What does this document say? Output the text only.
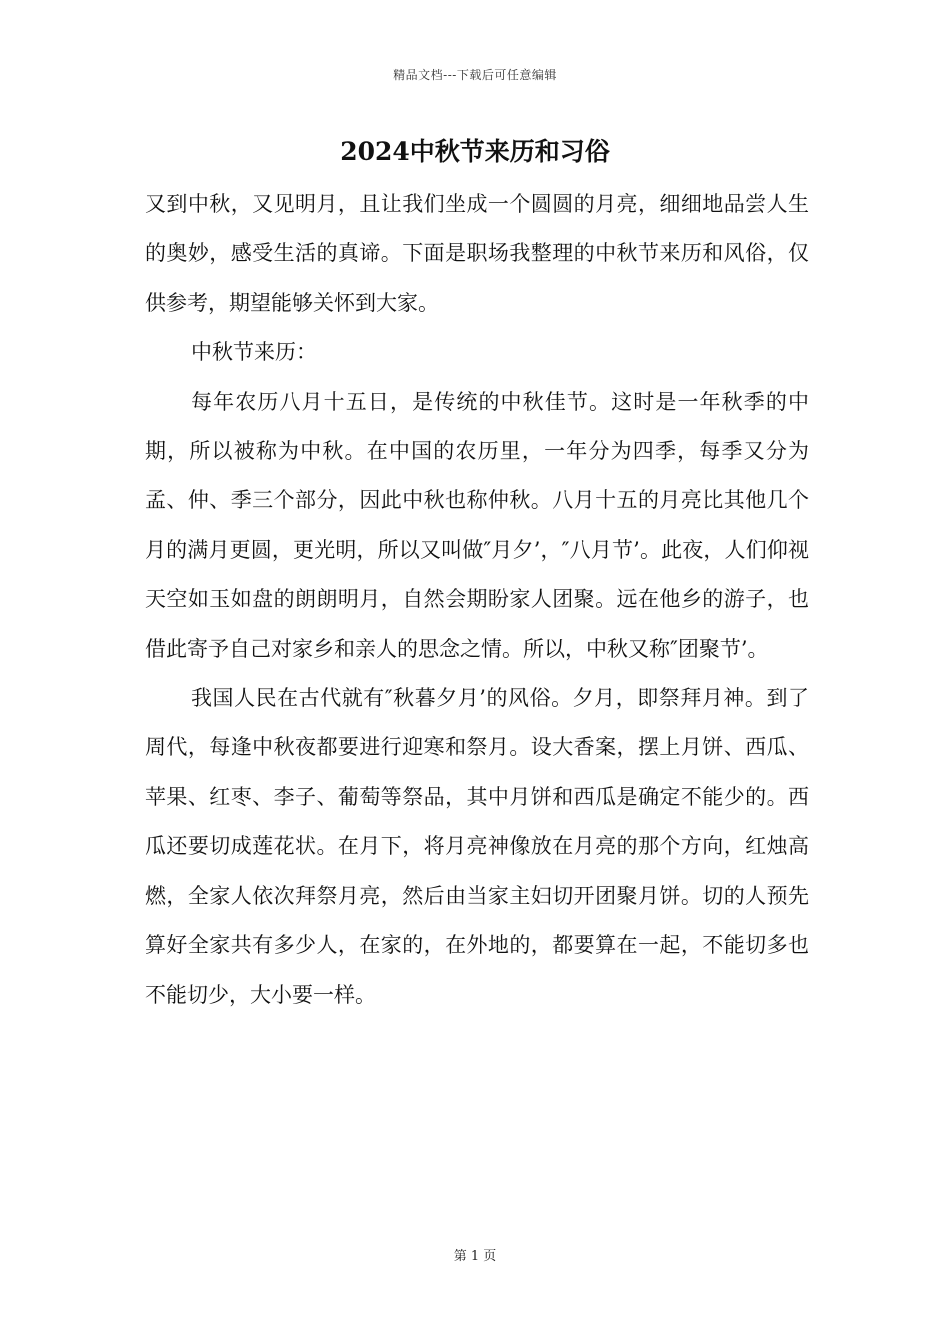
精品文档---下载后可任意编辑
2024中秋节来历和习俗

又到中秋，又见明月，且让我们坐成一个圆圆的月亮，细细地品尝人生的奥妙，感受生活的真谛。下面是职场我整理的中秋节来历和风俗，仅供参考，期望能够关怀到大家。

中秋节来历：

每年农历八月十五日，是传统的中秋佳节。这时是一年秋季的中期，所以被称为中秋。在中国的农历里，一年分为四季，每季又分为孟、仲、季三个部分，因此中秋也称仲秋。八月十五的月亮比其他几个月的满月更圆，更光明，所以又叫做″月夕’，″八月节’。此夜，人们仰视天空如玉如盘的朗朗明月，自然会期盼家人团聚。远在他乡的游子，也借此寄予自己对家乡和亲人的思念之情。所以，中秋又称″团聚节’。

我国人民在古代就有″秋暮夕月’的风俗。夕月，即祭拜月神。到了周代，每逢中秋夜都要进行迎寒和祭月。设大香案，摆上月饼、西瓜、苹果、红枣、李子、葡萄等祭品，其中月饼和西瓜是确定不能少的。西瓜还要切成莲花状。在月下，将月亮神像放在月亮的那个方向，红烛高燃，全家人依次拜祭月亮，然后由当家主妇切开团聚月饼。切的人预先算好全家共有多少人，在家的，在外地的，都要算在一起，不能切多也不能切少，大小要一样。

第 1 页
